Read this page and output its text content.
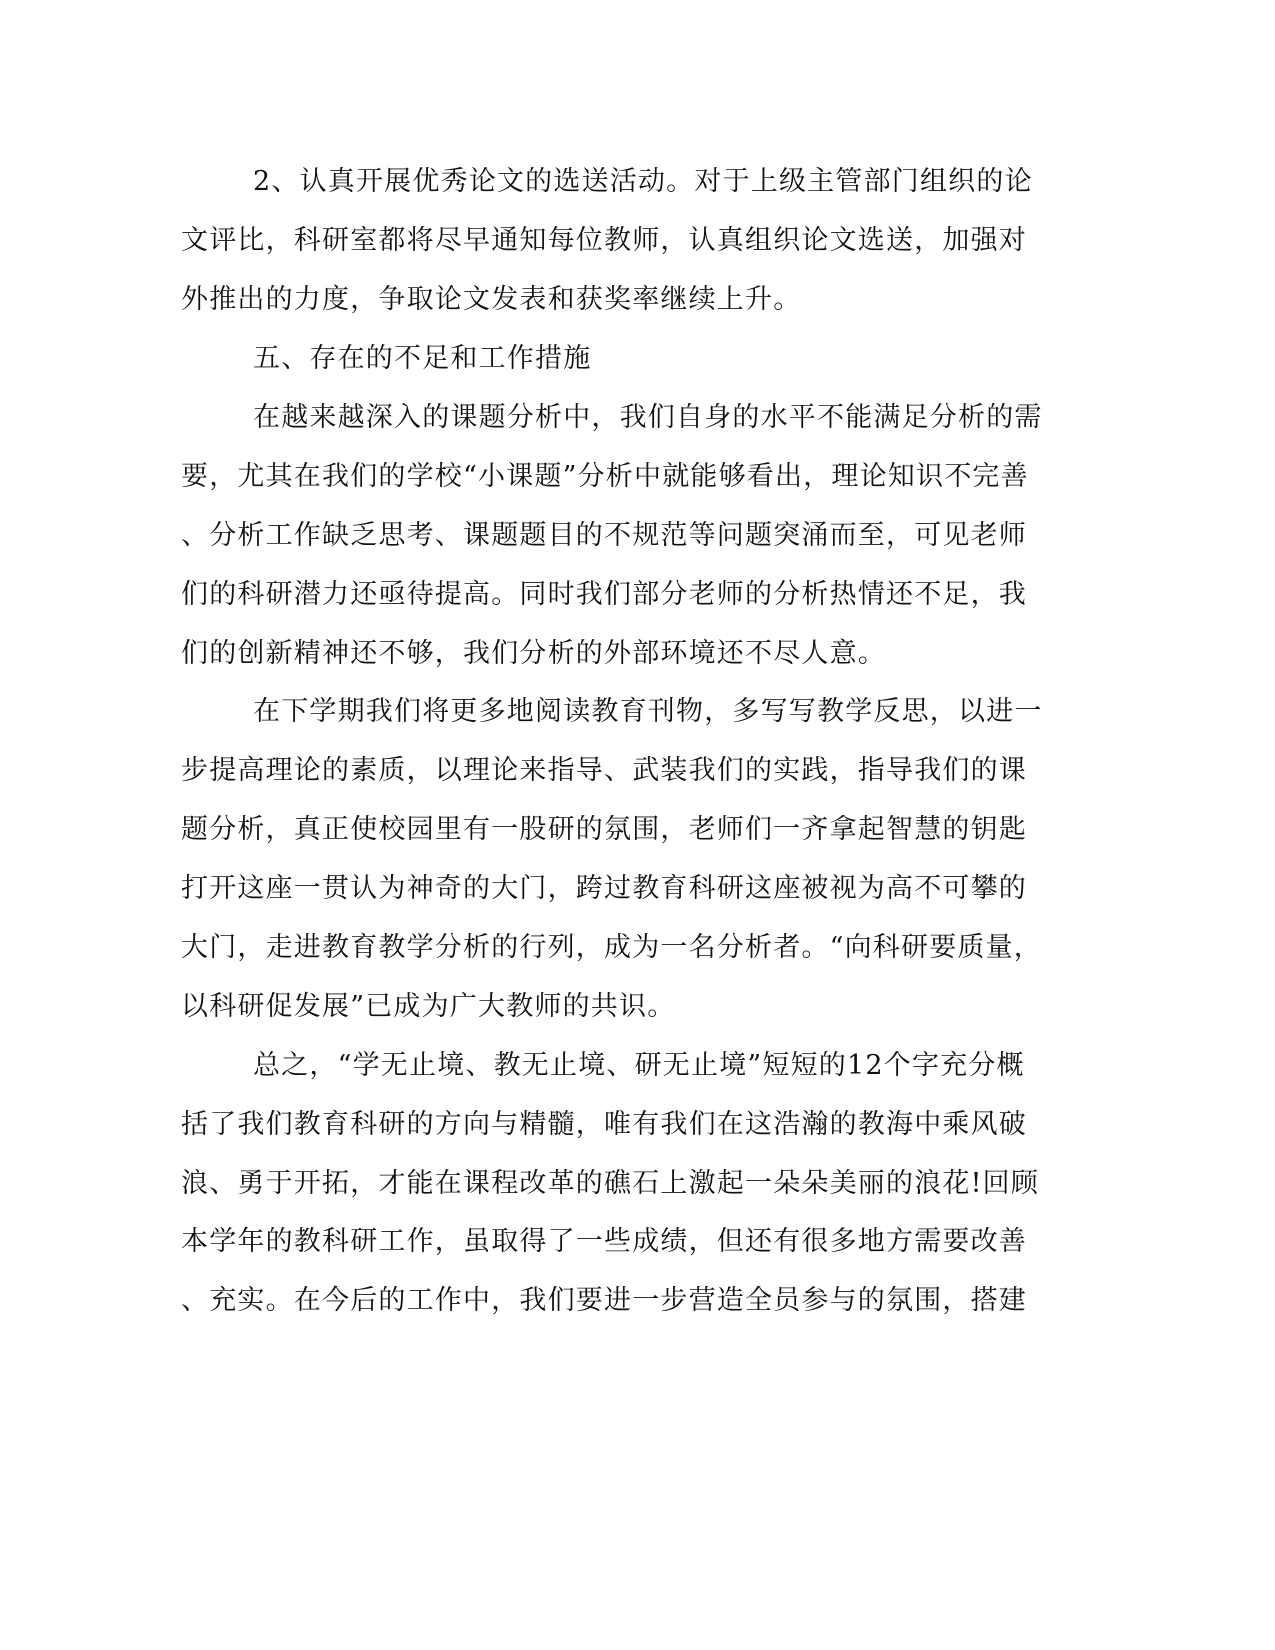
2、认真开展优秀论文的选送活动。对于上级主管部门组织的论
文评比，科研室都将尽早通知每位教师，认真组织论文选送，加强对
外推出的力度，争取论文发表和获奖率继续上升。
五、存在的不足和工作措施
在越来越深入的课题分析中，我们自身的水平不能满足分析的需
要，尤其在我们的学校“小课题”分析中就能够看出，理论知识不完善
、分析工作缺乏思考、课题题目的不规范等问题突涌而至，可见老师
们的科研潜力还亟待提高。同时我们部分老师的分析热情还不足，我
们的创新精神还不够，我们分析的外部环境还不尽人意。
在下学期我们将更多地阅读教育刊物，多写写教学反思，以进一
步提高理论的素质，以理论来指导、武装我们的实践，指导我们的课
题分析，真正使校园里有一股研的氛围，老师们一齐拿起智慧的钥匙
打开这座一贯认为神奇的大门，跨过教育科研这座被视为高不可攀的
大门，走进教育教学分析的行列，成为一名分析者。“向科研要质量，
以科研促发展”已成为广大教师的共识。
总之，“学无止境、教无止境、研无止境”短短的12个字充分概
括了我们教育科研的方向与精髓，唯有我们在这浩瀚的教海中乘风破
浪、勇于开拓，才能在课程改革的礁石上激起一朵朵美丽的浪花!回顾
本学年的教科研工作，虽取得了一些成绩，但还有很多地方需要改善
、充实。在今后的工作中，我们要进一步营造全员参与的氛围，搭建
